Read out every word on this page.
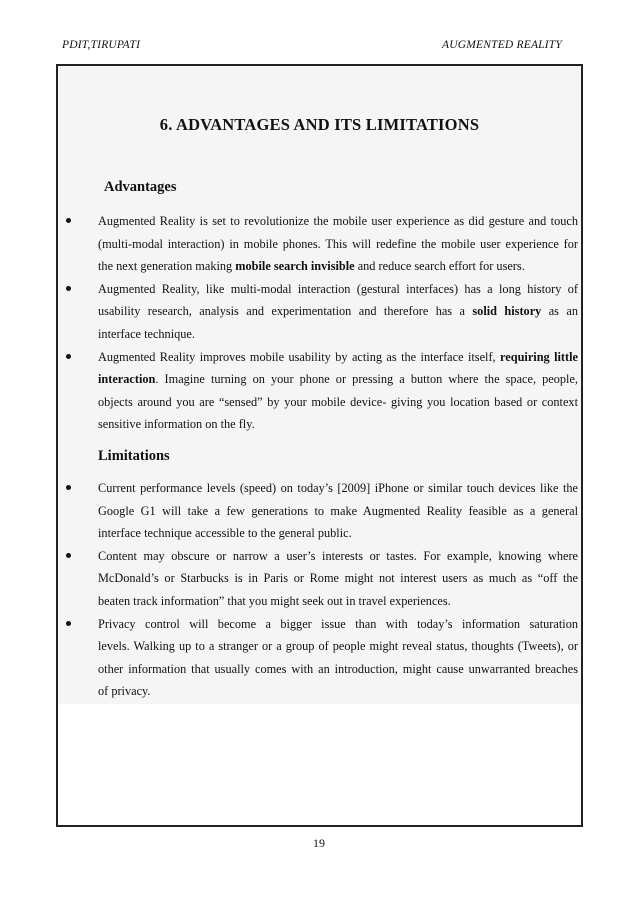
PDIT,TIRUPATI	AUGMENTED REALITY
6. ADVANTAGES AND ITS LIMITATIONS
Advantages
Augmented Reality is set to revolutionize the mobile user experience as did gesture and touch
(multi-modal interaction) in mobile phones. This will redefine the mobile user experience for
the next generation making mobile search invisible and reduce search effort for users.
Augmented Reality, like multi-modal interaction (gestural interfaces) has a long history of
usability research, analysis and experimentation and therefore has a solid history as an
interface technique.
Augmented Reality improves mobile usability by acting as the interface itself, requiring little
interaction. Imagine turning on your phone or pressing a button where the space, people,
objects around you are “sensed” by your mobile device- giving you location based or context
sensitive information on the fly.
Limitations
Current performance levels (speed) on today’s [2009] iPhone or similar touch devices like the
Google G1 will take a few generations to make Augmented Reality feasible as a general
interface technique accessible to the general public.
Content may obscure or narrow a user’s interests or tastes. For example, knowing where
McDonald’s or Starbucks is in Paris or Rome might not interest users as much as “off the
beaten track information” that you might seek out in travel experiences.
Privacy control will become a bigger issue than with today’s information saturation
levels. Walking up to a stranger or a group of people might reveal status, thoughts (Tweets), or
other information that usually comes with an introduction, might cause unwarranted breaches
of privacy.
19
